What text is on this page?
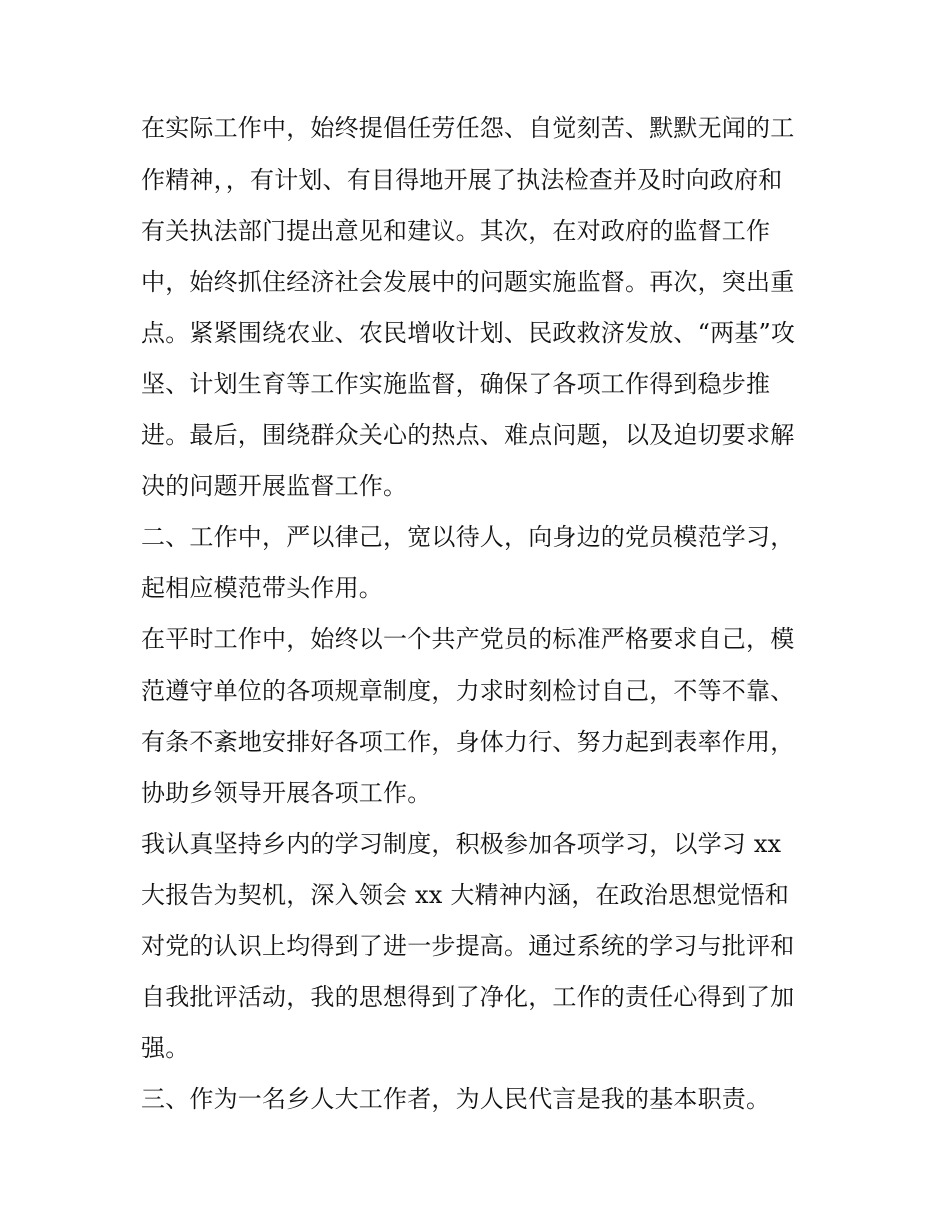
在实际工作中，始终提倡任劳任怨、自觉刻苦、默默无闻的工

作精神，，有计划、有目得地开展了执法检查并及时向政府和

有关执法部门提出意见和建议。其次，在对政府的监督工作

中，始终抓住经济社会发展中的问题实施监督。再次，突出重

点。紧紧围绕农业、农民增收计划、民政救济发放、“两基”攻

坚、计划生育等工作实施监督，确保了各项工作得到稳步推

进。最后，围绕群众关心的热点、难点问题，以及迫切要求解

决的问题开展监督工作。

二、工作中，严以律己，宽以待人，向身边的党员模范学习，

起相应模范带头作用。

在平时工作中，始终以一个共产党员的标准严格要求自己，模

范遵守单位的各项规章制度，力求时刻检讨自己，不等不靠、

有条不紊地安排好各项工作，身体力行、努力起到表率作用，

协助乡领导开展各项工作。

我认真坚持乡内的学习制度，积极参加各项学习，以学习 xx

大报告为契机，深入领会 xx 大精神内涵，在政治思想觉悟和

对党的认识上均得到了进一步提高。通过系统的学习与批评和

自我批评活动，我的思想得到了净化，工作的责任心得到了加

强。

三、作为一名乡人大工作者，为人民代言是我的基本职责。
